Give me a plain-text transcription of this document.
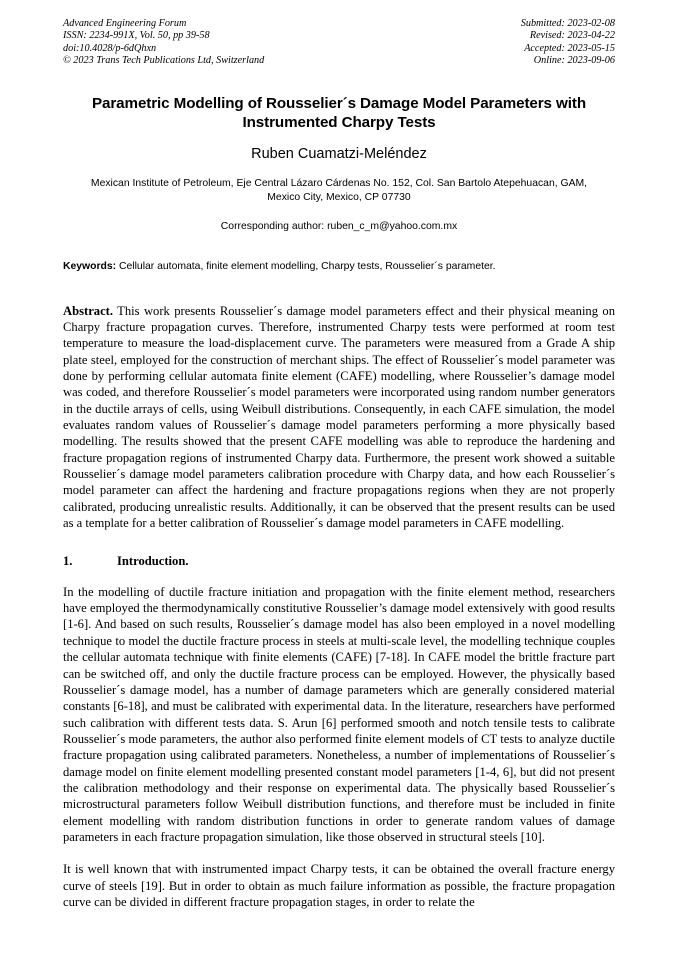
Advanced Engineering Forum
ISSN: 2234-991X, Vol. 50, pp 39-58
doi:10.4028/p-6dQhxn
© 2023 Trans Tech Publications Ltd, Switzerland
Submitted: 2023-02-08
Revised: 2023-04-22
Accepted: 2023-05-15
Online: 2023-09-06
Parametric Modelling of Rousselier´s Damage Model Parameters with Instrumented Charpy Tests
Ruben Cuamatzi-Meléndez
Mexican Institute of Petroleum, Eje Central Lázaro Cárdenas No. 152, Col. San Bartolo Atepehuacan, GAM, Mexico City, Mexico, CP 07730
Corresponding author: ruben_c_m@yahoo.com.mx
Keywords: Cellular automata, finite element modelling, Charpy tests, Rousselier´s parameter.

Abstract. This work presents Rousselier´s damage model parameters effect and their physical meaning on Charpy fracture propagation curves. Therefore, instrumented Charpy tests were performed at room test temperature to measure the load-displacement curve. The parameters were measured from a Grade A ship plate steel, employed for the construction of merchant ships. The effect of Rousselier´s model parameter was done by performing cellular automata finite element (CAFE) modelling, where Rousselier’s damage model was coded, and therefore Rousselier´s model parameters were incorporated using random number generators in the ductile arrays of cells, using Weibull distributions. Consequently, in each CAFE simulation, the model evaluates random values of Rousselier´s damage model parameters performing a more physically based modelling. The results showed that the present CAFE modelling was able to reproduce the hardening and fracture propagation regions of instrumented Charpy data. Furthermore, the present work showed a suitable Rousselier´s damage model parameters calibration procedure with Charpy data, and how each Rousselier´s model parameter can affect the hardening and fracture propagations regions when they are not properly calibrated, producing unrealistic results. Additionally, it can be observed that the present results can be used as a template for a better calibration of Rousselier´s damage model parameters in CAFE modelling.

1.	Introduction.

In the modelling of ductile fracture initiation and propagation with the finite element method, researchers have employed the thermodynamically constitutive Rousselier’s damage model extensively with good results [1-6]. And based on such results, Rousselier´s damage model has also been employed in a novel modelling technique to model the ductile fracture process in steels at multi-scale level, the modelling technique couples the cellular automata technique with finite elements (CAFE) [7-18]. In CAFE model the brittle fracture part can be switched off, and only the ductile fracture process can be employed. However, the physically based Rousselier´s damage model, has a number of damage parameters which are generally considered material constants [6-18], and must be calibrated with experimental data. In the literature, researchers have performed such calibration with different tests data. S. Arun [6] performed smooth and notch tensile tests to calibrate Rousselier´s mode parameters, the author also performed finite element models of CT tests to analyze ductile fracture propagation using calibrated parameters. Nonetheless, a number of implementations of Rousselier´s damage model on finite element modelling presented constant model parameters [1-4, 6], but did not present the calibration methodology and their response on experimental data. The physically based Rousselier´s microstructural parameters follow Weibull distribution functions, and therefore must be included in finite element modelling with random distribution functions in order to generate random values of damage parameters in each fracture propagation simulation, like those observed in structural steels [10].

It is well known that with instrumented impact Charpy tests, it can be obtained the overall fracture energy curve of steels [19]. But in order to obtain as much failure information as possible, the fracture propagation curve can be divided in different fracture propagation stages, in order to relate the
